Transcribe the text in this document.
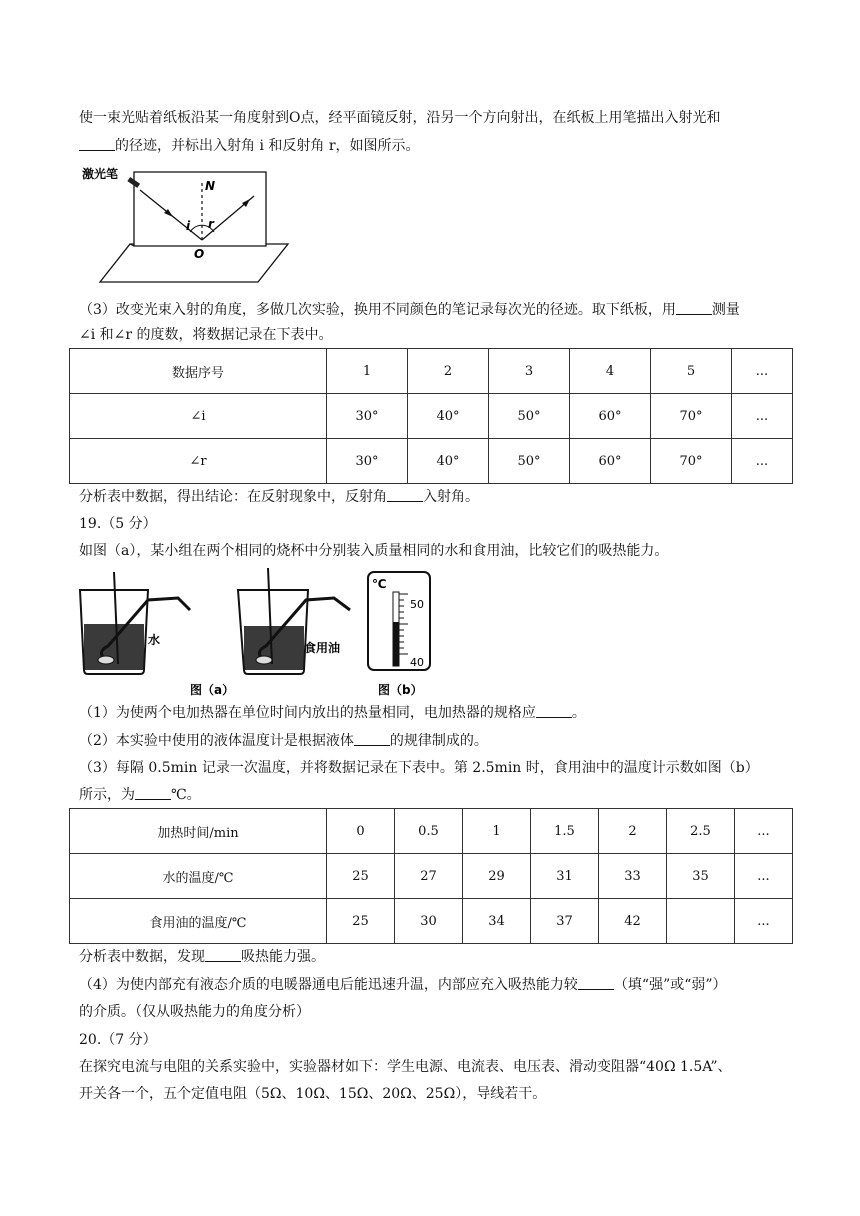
使一束光贴着纸板沿某一角度射到O点，经平面镜反射，沿另一个方向射出，在纸板上用笔描出入射光和
的径迹，并标出入射角 i 和反射角 r，如图所示。
激光笔
N
i r
O
（3）改变光束入射的角度，多做几次实验，换用不同颜色的笔记录每次光的径迹。取下纸板，用	测量
∠i 和∠r 的度数，将数据记录在下表中。
数据序号	1	2	3	4	5	...
∠i	30°	40°	50°	60°	70°	...
∠r	30°	40°	50°	60°	70°	...
分析表中数据，得出结论：在反射现象中，反射角	入射角。
19.（5 分）
如图（a），某小组在两个相同的烧杯中分别装入质量相同的水和食用油，比较它们的吸热能力。
水
食用油
℃
50
40
图（a）	图（b）
（1）为使两个电加热器在单位时间内放出的热量相同，电加热器的规格应	。
（2）本实验中使用的液体温度计是根据液体	的规律制成的。
（3）每隔 0.5min 记录一次温度，并将数据记录在下表中。第 2.5min 时，食用油中的温度计示数如图（b）
所示，为	℃。
加热时间/min	0	0.5	1	1.5	2	2.5	...
水的温度/℃	25	27	29	31	33	35	...
食用油的温度/℃	25	30	34	37	42		...
分析表中数据，发现	吸热能力强。
（4）为使内部充有液态介质的电暖器通电后能迅速升温，内部应充入吸热能力较	（填“强”或“弱”）
的介质。（仅从吸热能力的角度分析）
20.（7 分）
在探究电流与电阻的关系实验中，实验器材如下：学生电源、电流表、电压表、滑动变阻器“40Ω 1.5A”、
开关各一个，五个定值电阻（5Ω、10Ω、15Ω、20Ω、25Ω），导线若干。
